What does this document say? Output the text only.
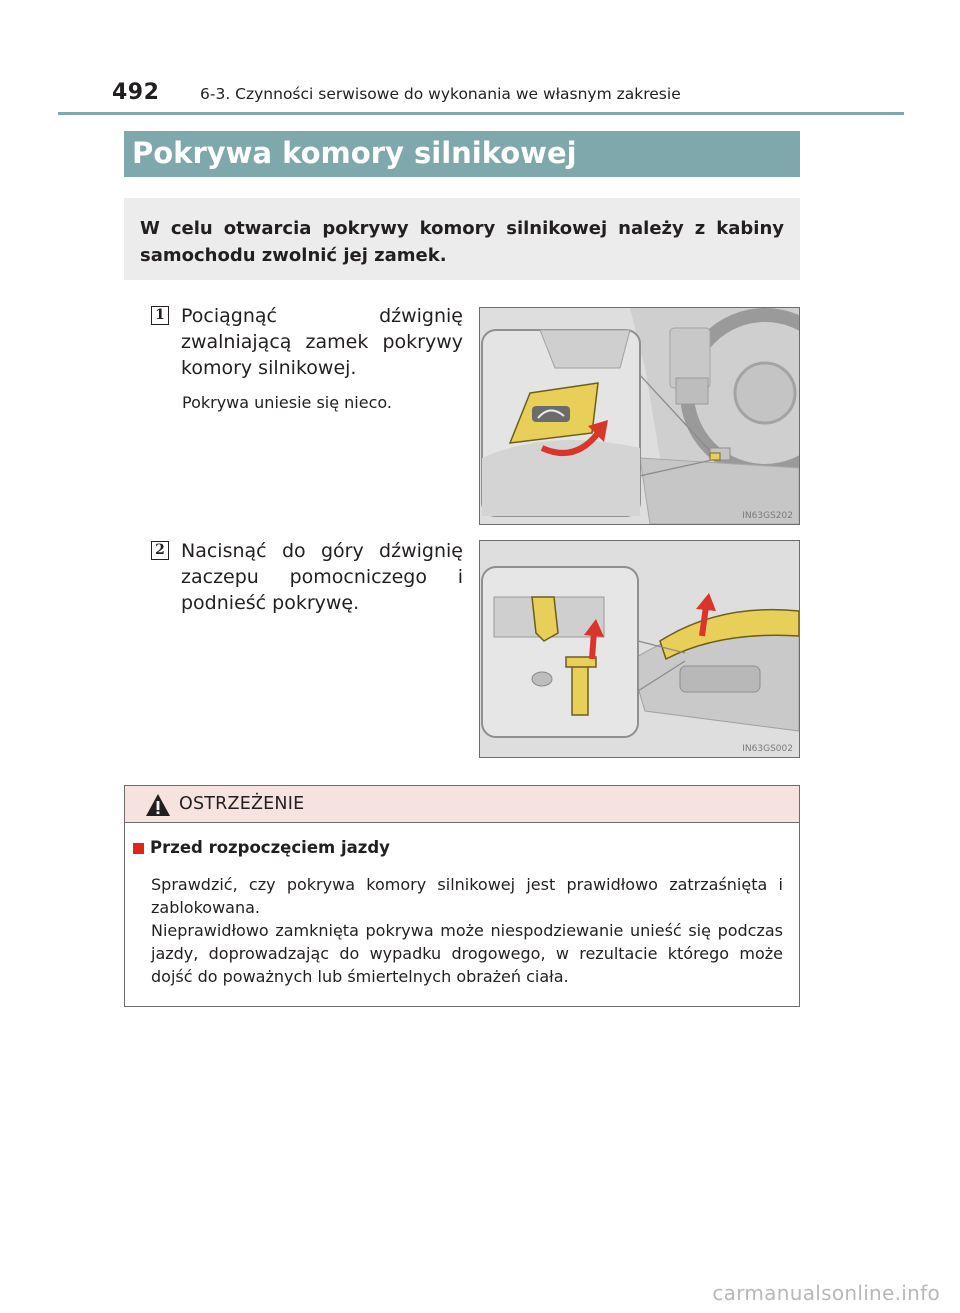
492	6-3. Czynności serwisowe do wykonania we własnym zakresie
Pokrywa komory silnikowej
W celu otwarcia pokrywy komory silnikowej należy z kabiny samochodu zwolnić jej zamek.
1 Pociągnąć dźwignię zwalniającą zamek pokrywy komory silnikowej.
Pokrywa uniesie się nieco.
IN63GS202
2 Nacisnąć do góry dźwignię zaczepu pomocniczego i podnieść pokrywę.
IN63GS002
OSTRZEŻENIE
Przed rozpoczęciem jazdy

Sprawdzić, czy pokrywa komory silnikowej jest prawidłowo zatrzaśnięta i zablokowana.

Nieprawidłowo zamknięta pokrywa może niespodziewanie unieść się podczas jazdy, doprowadzając do wypadku drogowego, w rezultacie którego może dojść do poważnych lub śmiertelnych obrażeń ciała.

carmanualsonline.info
